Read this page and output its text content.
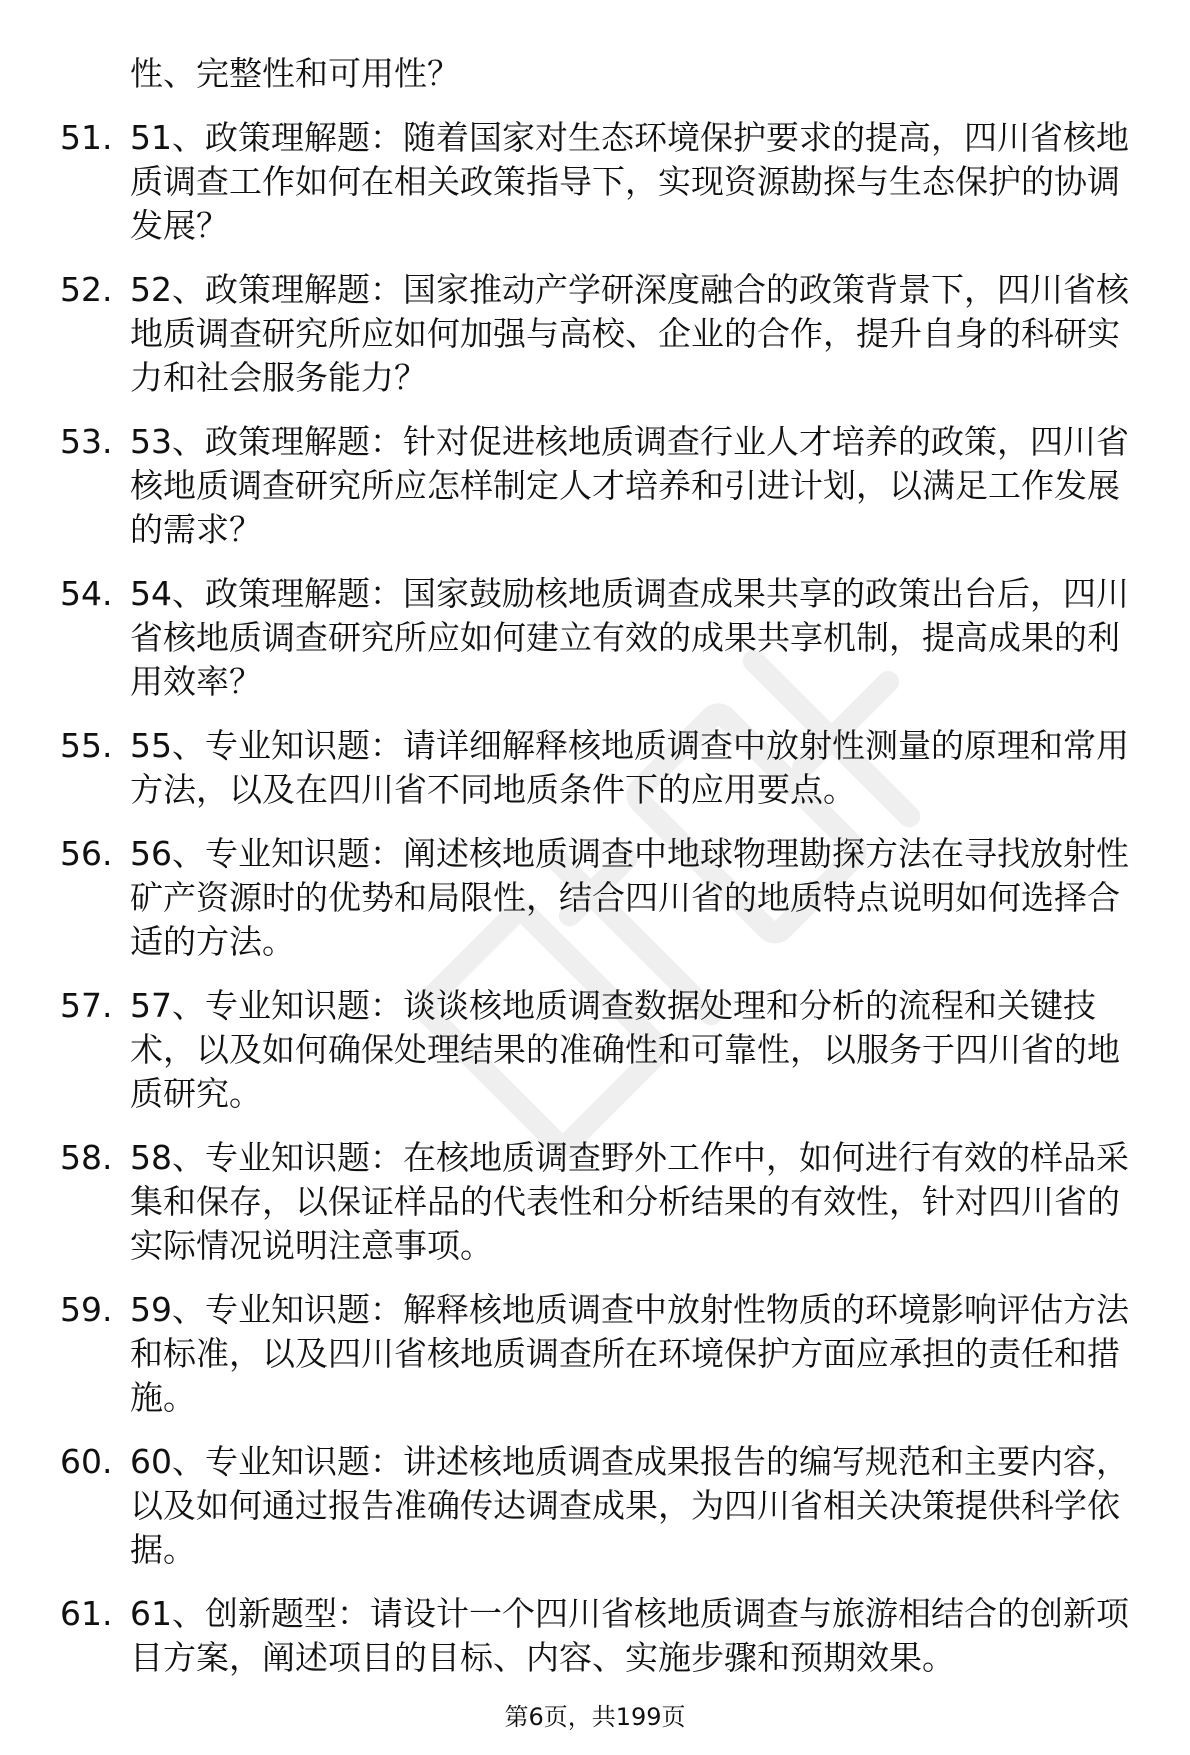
性、完整性和可用性？
51. 51、政策理解题：随着国家对生态环境保护要求的提高，四川省核地质调查工作如何在相关政策指导下，实现资源勘探与生态保护的协调发展？
52. 52、政策理解题：国家推动产学研深度融合的政策背景下，四川省核地质调查研究所应如何加强与高校、企业的合作，提升自身的科研实力和社会服务能力？
53. 53、政策理解题：针对促进核地质调查行业人才培养的政策，四川省核地质调查研究所应怎样制定人才培养和引进计划，以满足工作发展的需求？
54. 54、政策理解题：国家鼓励核地质调查成果共享的政策出台后，四川省核地质调查研究所应如何建立有效的成果共享机制，提高成果的利用效率？
55. 55、专业知识题：请详细解释核地质调查中放射性测量的原理和常用方法，以及在四川省不同地质条件下的应用要点。
56. 56、专业知识题：阐述核地质调查中地球物理勘探方法在寻找放射性矿产资源时的优势和局限性，结合四川省的地质特点说明如何选择合适的方法。
57. 57、专业知识题：谈谈核地质调查数据处理和分析的流程和关键技术，以及如何确保处理结果的准确性和可靠性，以服务于四川省的地质研究。
58. 58、专业知识题：在核地质调查野外工作中，如何进行有效的样品采集和保存，以保证样品的代表性和分析结果的有效性，针对四川省的实际情况说明注意事项。
59. 59、专业知识题：解释核地质调查中放射性物质的环境影响评估方法和标准，以及四川省核地质调查所在环境保护方面应承担的责任和措施。
60. 60、专业知识题：讲述核地质调查成果报告的编写规范和主要内容，以及如何通过报告准确传达调查成果，为四川省相关决策提供科学依据。
61. 61、创新题型：请设计一个四川省核地质调查与旅游相结合的创新项目方案，阐述项目的目标、内容、实施步骤和预期效果。
第6页，共199页
